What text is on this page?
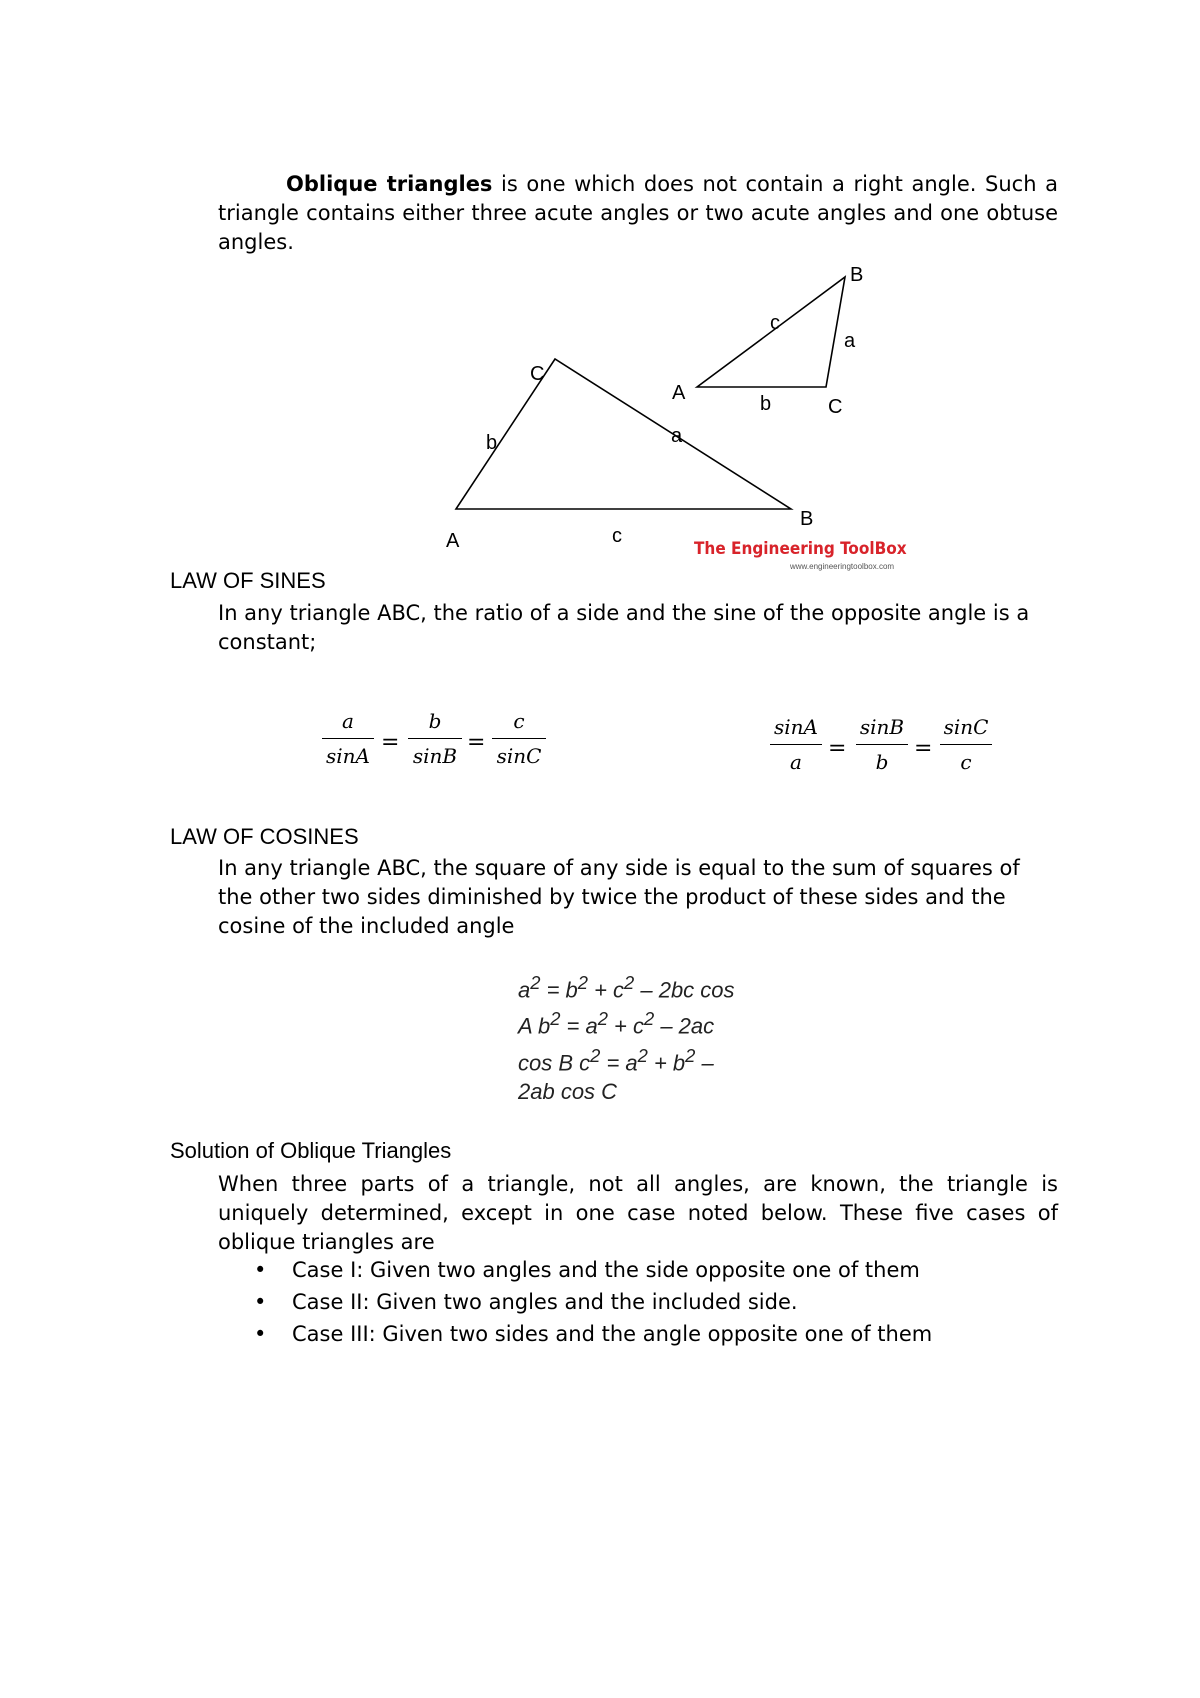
Oblique triangles is one which does not contain a right angle. Such a triangle contains either three acute angles or two acute angles and one obtuse angles.
A
C
B
b	a
c
A
B
C
c
a
b
The Engineering ToolBox
www.engineeringtoolbox.com
LAW OF SINES
In any triangle ABC, the ratio of a side and the sine of the opposite angle is a constant;
a
sinA
=
b
sinB
=
c
sinC
sinA
a
=
sinB
b
=
sinC
c
LAW OF COSINES
In any triangle ABC, the square of any side is equal to the sum of squares of the other two sides diminished by twice the product of these sides and the cosine of the included angle
$a^2 = b^2 + c^2 - 2bc$ cos
A $b^2 = a^2 + c^2 - 2ac$
cos B $c^2 = a^2 + b^2$ –
2ab cos C
Solution of Oblique Triangles
When three parts of a triangle, not all angles, are known, the triangle is uniquely determined, except in one case noted below. These five cases of oblique triangles are
• Case I: Given two angles and the side opposite one of them
• Case II: Given two angles and the included side.
• Case III: Given two sides and the angle opposite one of them
